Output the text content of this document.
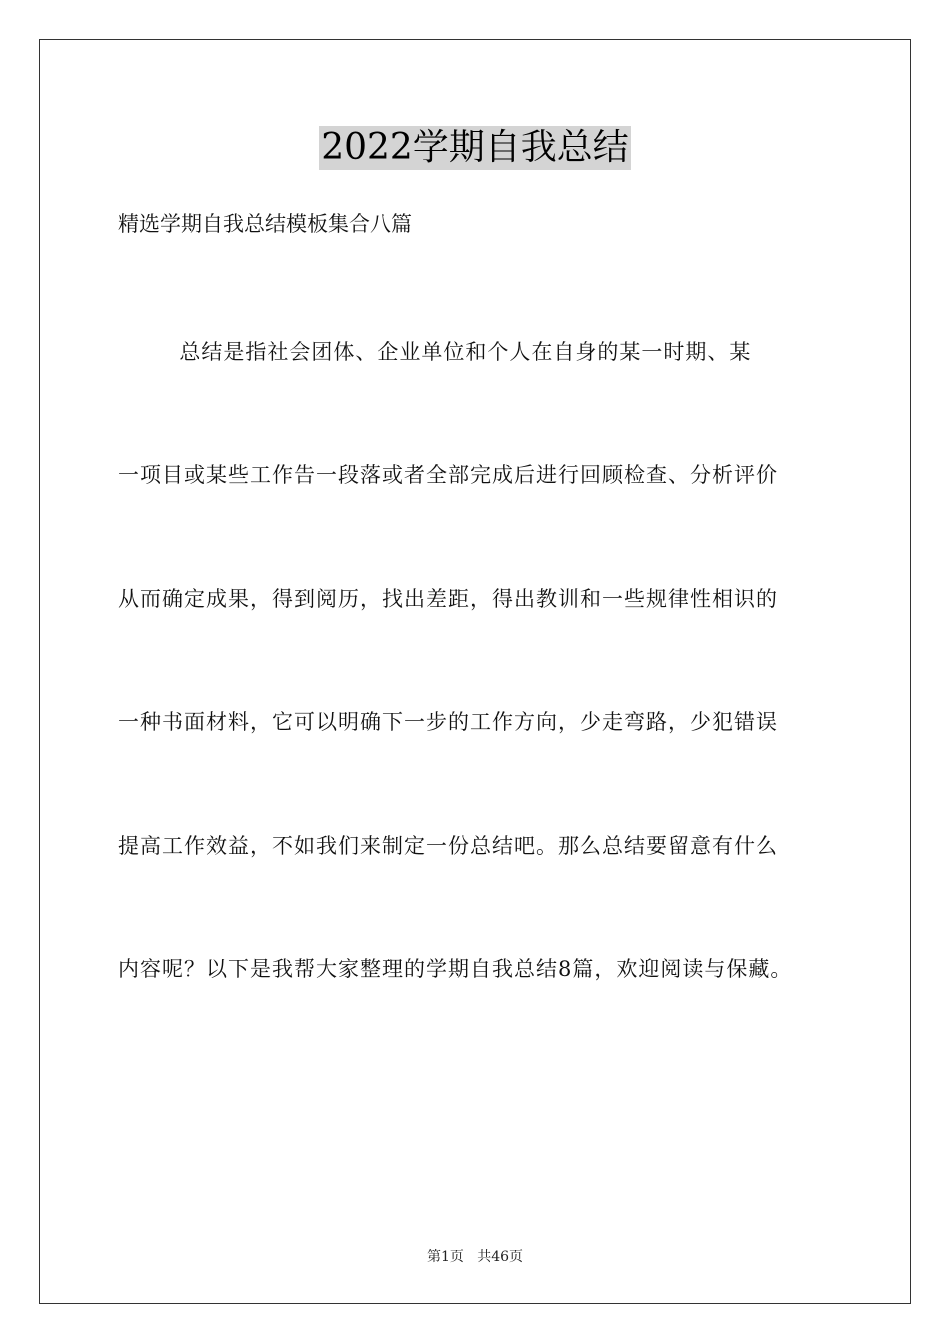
2022学期自我总结
精选学期自我总结模板集合八篇
总结是指社会团体、企业单位和个人在自身的某一时期、某
一项目或某些工作告一段落或者全部完成后进行回顾检查、分析评价
从而确定成果，得到阅历，找出差距，得出教训和一些规律性相识的
一种书面材料，它可以明确下一步的工作方向，少走弯路，少犯错误
提高工作效益，不如我们来制定一份总结吧。那么总结要留意有什么
内容呢？以下是我帮大家整理的学期自我总结8篇，欢迎阅读与保藏。
第1页   共46页
